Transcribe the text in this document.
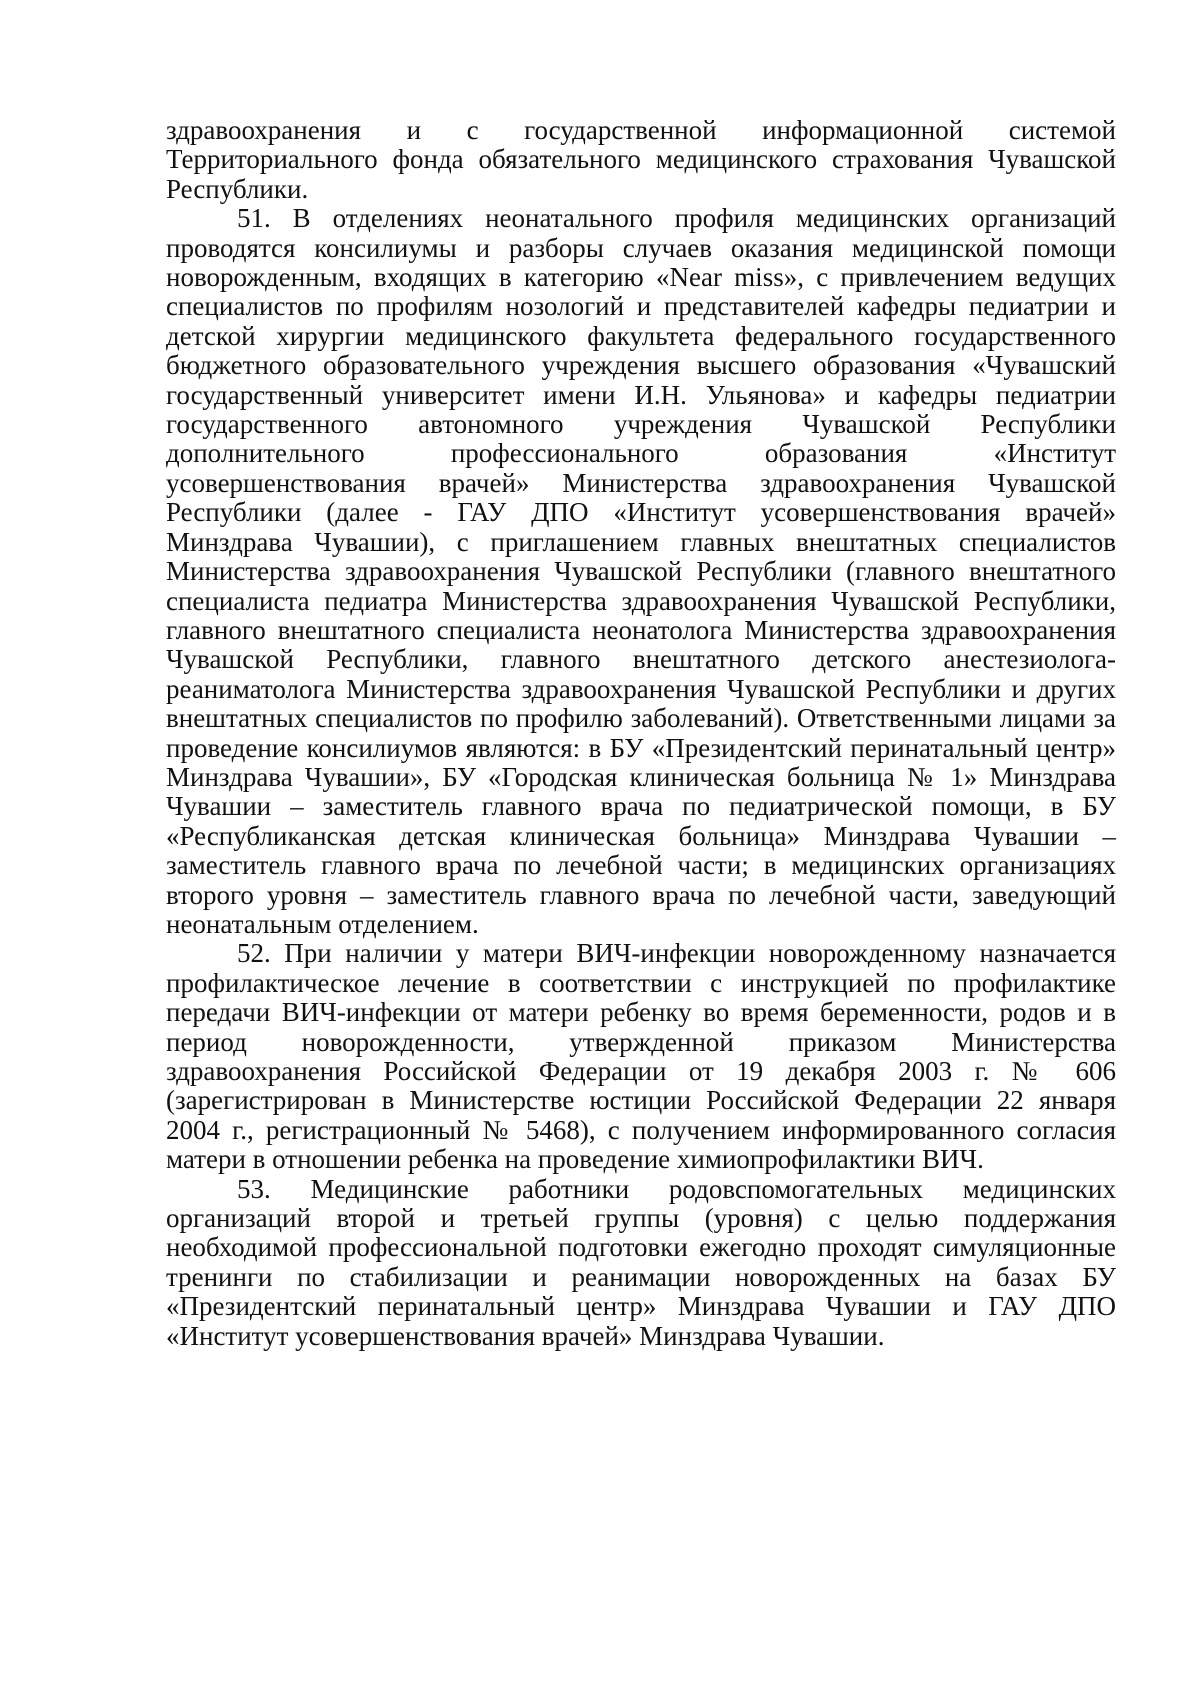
здравоохранения и с государственной информационной системой Территориального фонда обязательного медицинского страхования Чувашской Республики.

51. В отделениях неонатального профиля медицинских организаций проводятся консилиумы и разборы случаев оказания медицинской помощи новорожденным, входящих в категорию «Near miss», с привлечением ведущих специалистов по профилям нозологий и представителей кафедры педиатрии и детской хирургии медицинского факультета федерального государственного бюджетного образовательного учреждения высшего образования «Чувашский государственный университет имени И.Н. Ульянова» и кафедры педиатрии государственного автономного учреждения Чувашской Республики дополнительного профессионального образования «Институт усовершенствования врачей» Министерства здравоохранения Чувашской Республики (далее - ГАУ ДПО «Институт усовершенствования врачей» Минздрава Чувашии), с приглашением главных внештатных специалистов Министерства здравоохранения Чувашской Республики (главного внештатного специалиста педиатра Министерства здравоохранения Чувашской Республики, главного внештатного специалиста неонатолога Министерства здравоохранения Чувашской Республики, главного внештатного детского анестезиолога-реаниматолога Министерства здравоохранения Чувашской Республики и других внештатных специалистов по профилю заболеваний). Ответственными лицами за проведение консилиумов являются: в БУ «Президентский перинатальный центр» Минздрава Чувашии», БУ «Городская клиническая больница № 1» Минздрава Чувашии – заместитель главного врача по педиатрической помощи, в БУ «Республиканская детская клиническая больница» Минздрава Чувашии – заместитель главного врача по лечебной части; в медицинских организациях второго уровня – заместитель главного врача по лечебной части, заведующий неонатальным отделением.

52. При наличии у матери ВИЧ-инфекции новорожденному назначается профилактическое лечение в соответствии с инструкцией по профилактике передачи ВИЧ-инфекции от матери ребенку во время беременности, родов и в период новорожденности, утвержденной приказом Министерства здравоохранения Российской Федерации от 19 декабря 2003 г. № 606 (зарегистрирован в Министерстве юстиции Российской Федерации 22 января 2004 г., регистрационный № 5468), с получением информированного согласия матери в отношении ребенка на проведение химиопрофилактики ВИЧ.

53. Медицинские работники родовспомогательных медицинских организаций второй и третьей группы (уровня) с целью поддержания необходимой профессиональной подготовки ежегодно проходят симуляционные тренинги по стабилизации и реанимации новорожденных на базах БУ «Президентский перинатальный центр» Минздрава Чувашии и ГАУ ДПО «Институт усовершенствования врачей» Минздрава Чувашии.
